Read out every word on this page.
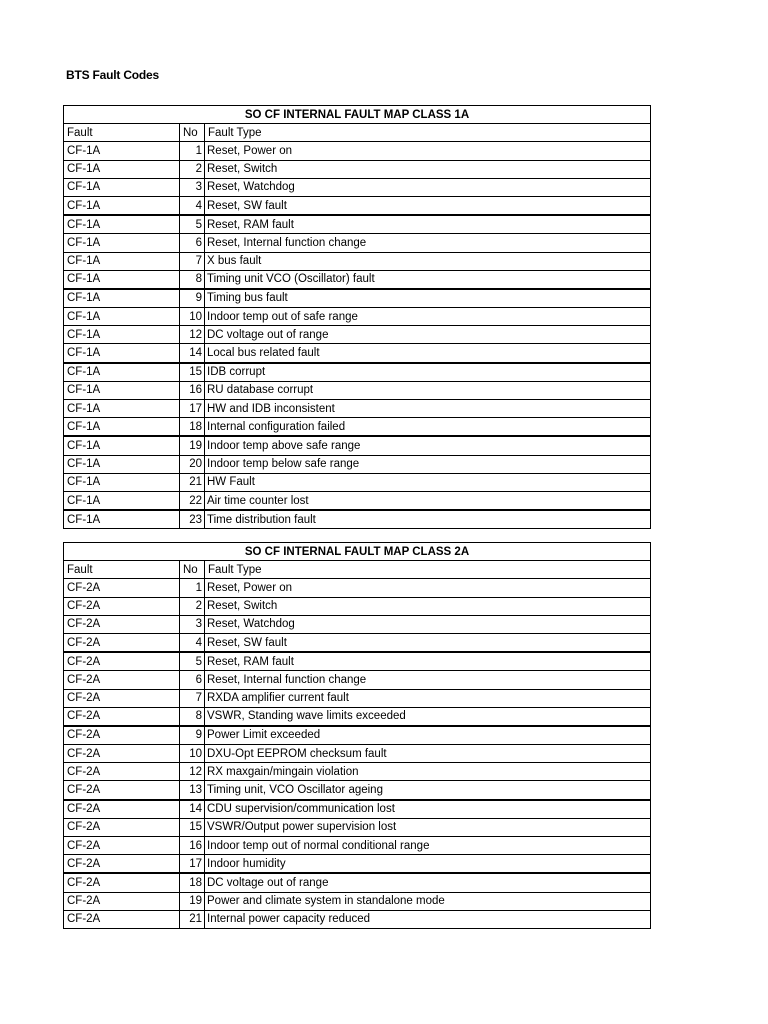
BTS Fault Codes
SO CF INTERNAL FAULT MAP CLASS 1A		
Fault	No	Fault Type
CF-1A	1	Reset, Power on
CF-1A	2	Reset, Switch
CF-1A	3	Reset, Watchdog
CF-1A	4	Reset, SW fault
CF-1A	5	Reset, RAM fault
CF-1A	6	Reset, Internal function change
CF-1A	7	X bus fault
CF-1A	8	Timing unit VCO (Oscillator) fault
CF-1A	9	Timing bus fault
CF-1A	10	Indoor temp out of safe range
CF-1A	12	DC voltage out of range
CF-1A	14	Local bus related fault
CF-1A	15	IDB corrupt
CF-1A	16	RU database corrupt
CF-1A	17	HW and IDB inconsistent
CF-1A	18	Internal configuration failed
CF-1A	19	Indoor temp above safe range
CF-1A	20	Indoor temp below safe range
CF-1A	21	HW Fault
CF-1A	22	Air time counter lost
CF-1A	23	Time distribution fault
SO CF INTERNAL FAULT MAP CLASS 2A		
Fault	No	Fault Type
CF-2A	1	Reset, Power on
CF-2A	2	Reset, Switch
CF-2A	3	Reset, Watchdog
CF-2A	4	Reset, SW fault
CF-2A	5	Reset, RAM fault
CF-2A	6	Reset, Internal function change
CF-2A	7	RXDA amplifier current fault
CF-2A	8	VSWR, Standing wave limits exceeded
CF-2A	9	Power Limit exceeded
CF-2A	10	DXU-Opt EEPROM checksum fault
CF-2A	12	RX maxgain/mingain violation
CF-2A	13	Timing unit, VCO Oscillator ageing
CF-2A	14	CDU supervision/communication lost
CF-2A	15	VSWR/Output power supervision lost
CF-2A	16	Indoor temp out of normal conditional range
CF-2A	17	Indoor humidity
CF-2A	18	DC voltage out of range
CF-2A	19	Power and climate system in standalone mode
CF-2A	21	Internal power capacity reduced
